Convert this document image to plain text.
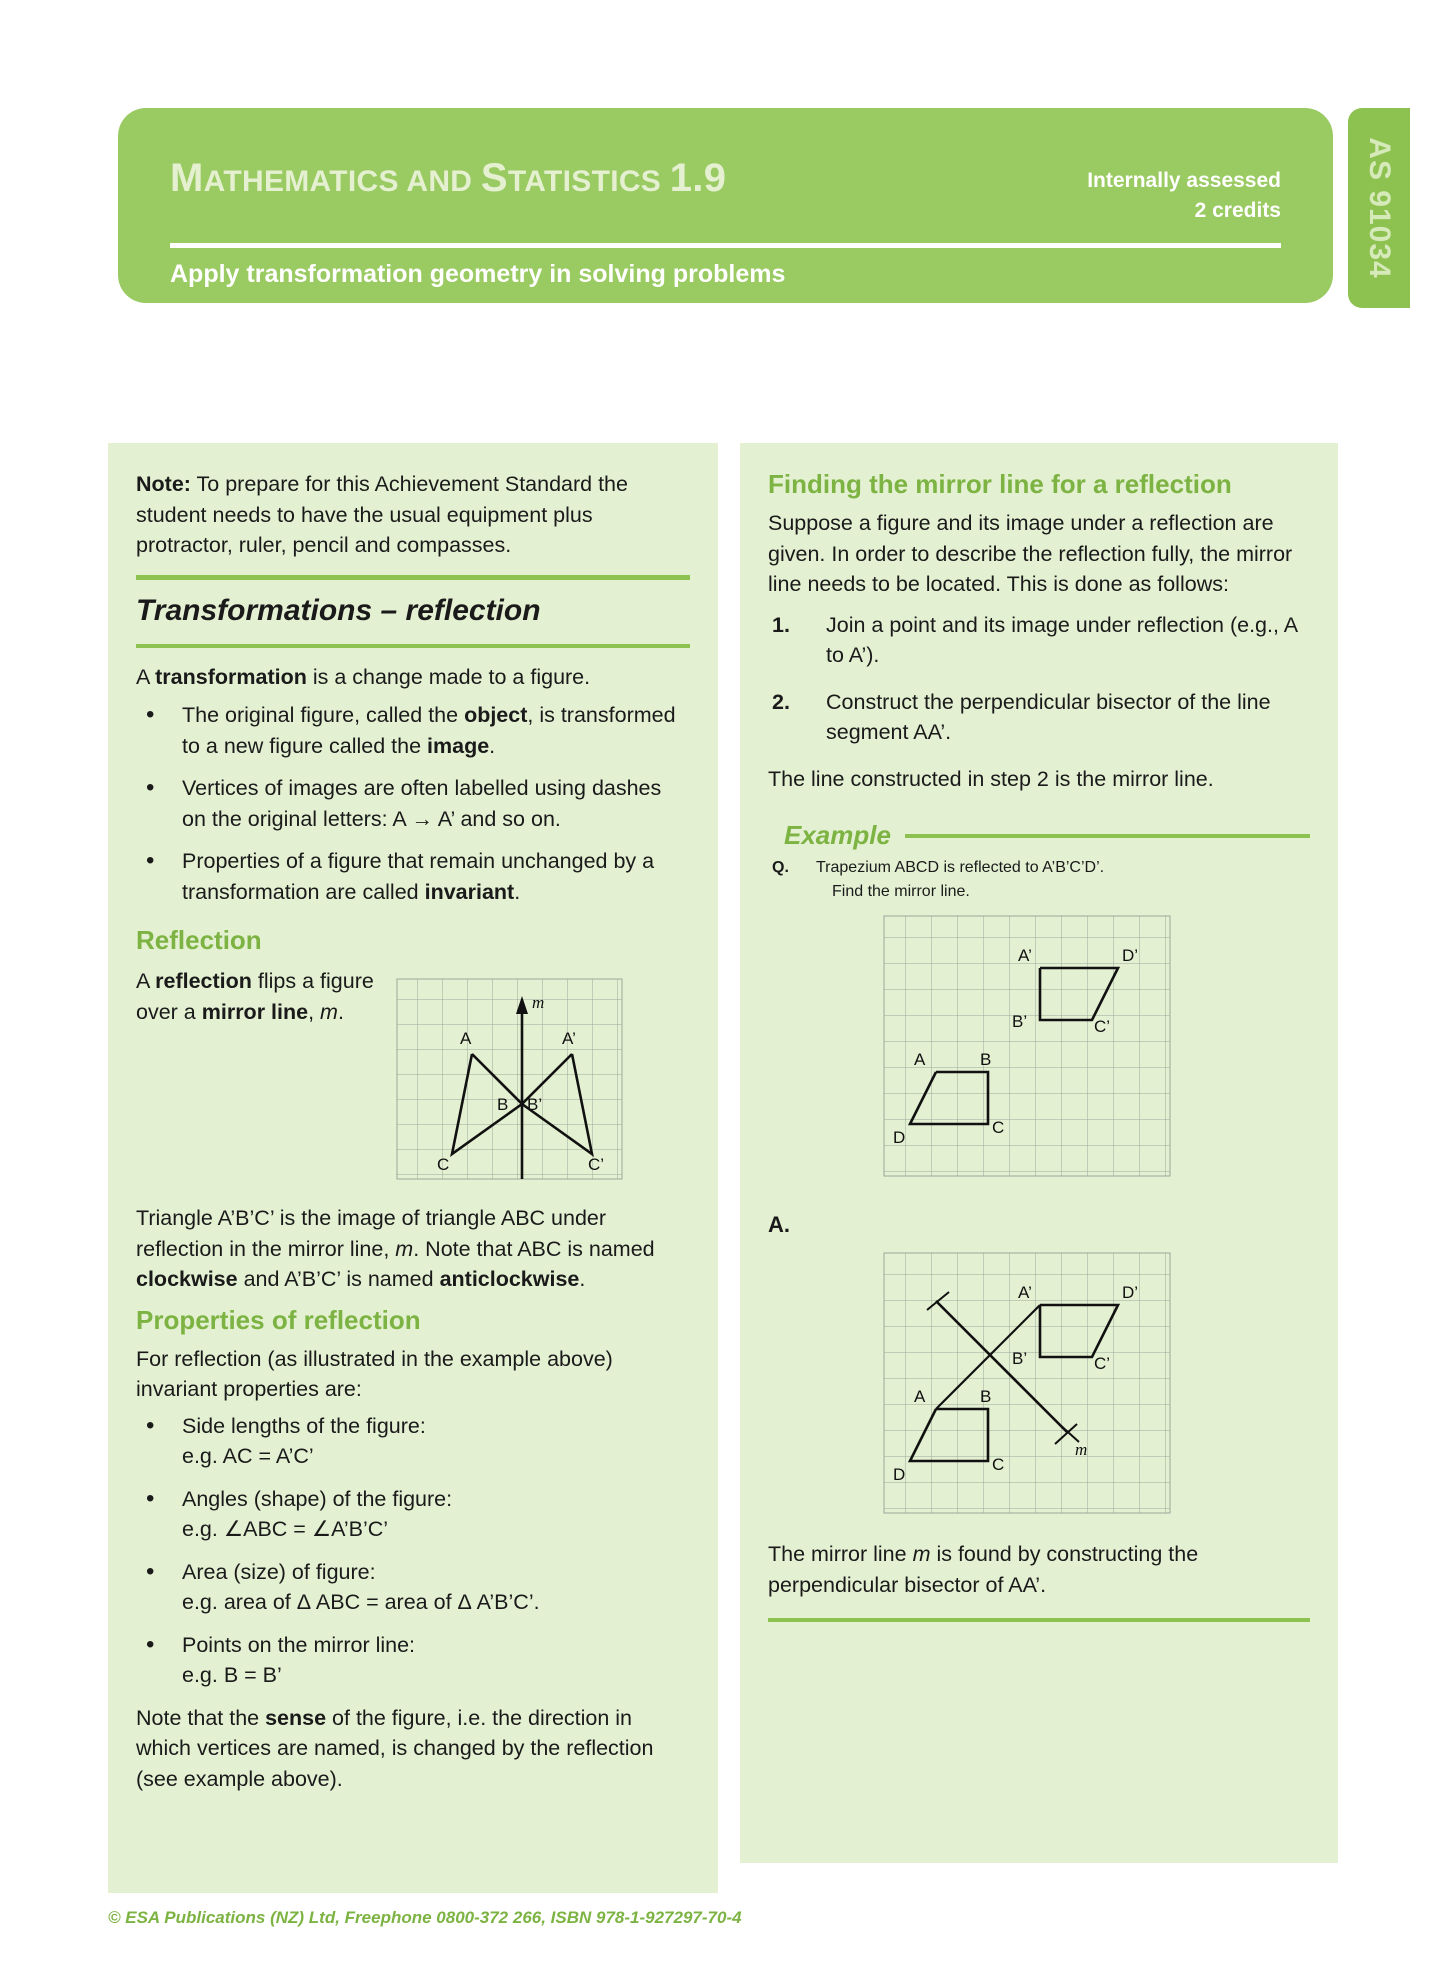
MATHEMATICS AND STATISTICS 1.9	Internally assessed
2 credits
Apply transformation geometry in solving problems	AS 91034

Note: To prepare for this Achievement Standard the student needs to have the usual equipment plus protractor, ruler, pencil and compasses.

Transformations – reflection

A transformation is a change made to a figure.

• The original figure, called the object, is transformed to a new figure called the image.
• Vertices of images are often labelled using dashes on the original letters: A → A’ and so on.
• Properties of a figure that remain unchanged by a transformation are called invariant.
Reflection

A reflection flips a figure over a mirror line, m.	m
A	A’
B B’
C	C’

Triangle A’B’C’ is the image of triangle ABC under reflection in the mirror line, m. Note that ABC is named clockwise and A’B’C’ is named anticlockwise.

Properties of reflection

For reflection (as illustrated in the example above) invariant properties are:

• Side lengths of the figure:
e.g. AC = A’C’
• Angles (shape) of the figure:
e.g. ∠ABC = ∠A’B’C’
• Area (size) of figure:
e.g. area of Δ ABC = area of Δ A’B’C’.
• Points on the mirror line:
e.g. B = B’

Note that the sense of the figure, i.e. the direction in which vertices are named, is changed by the reflection (see example above).

Finding the mirror line for a reflection

Suppose a figure and its image under a reflection are given. In order to describe the reflection fully, the mirror line needs to be located. This is done as follows:

1. Join a point and its image under reflection (e.g., A to A’).
2. Construct the perpendicular bisector of the line segment AA’.

The line constructed in step 2 is the mirror line.

Example
Q. Trapezium ABCD is reflected to A’B’C’D’.
Find the mirror line.
A’	D’
B’	C’
A	B
C
D
A.
A’	D’
B’	C’
A	B
C
D
m

The mirror line m is found by constructing the perpendicular bisector of AA’.

© ESA Publications (NZ) Ltd, Freephone 0800-372 266, ISBN 978-1-927297-70-4
